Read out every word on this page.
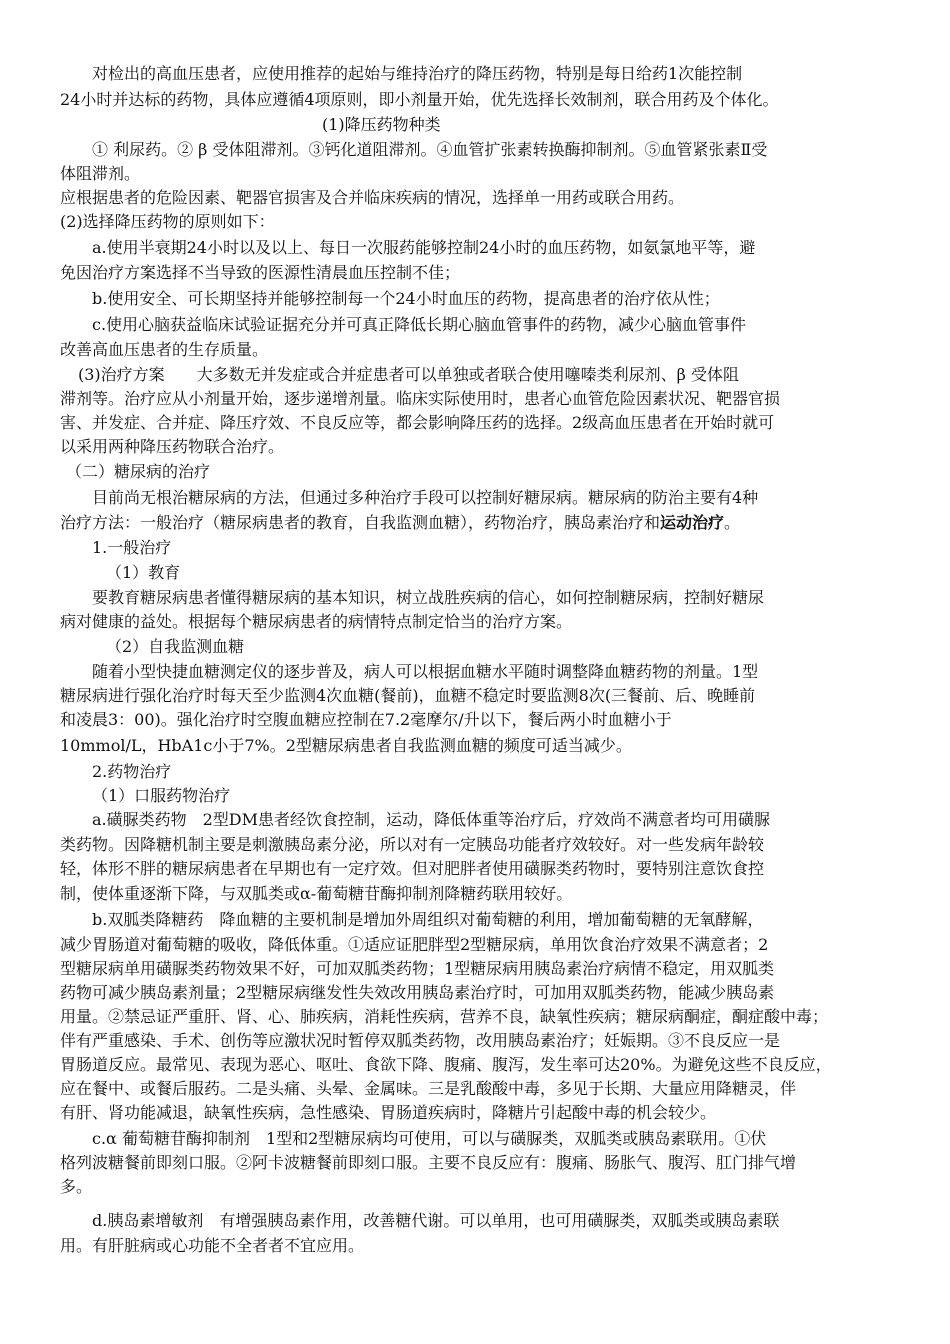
对检出的高血压患者，应使用推荐的起始与维持治疗的降压药物，特别是每日给药1次能控制
24小时并达标的药物，具体应遵循4项原则，即小剂量开始，优先选择长效制剂，联合用药及个体化。
(1)降压药物种类
① 利尿药。② β 受体阻滞剂。③钙化道阻滞剂。④血管扩张素转换酶抑制剂。⑤血管紧张素Ⅱ受
体阻滞剂。
应根据患者的危险因素、靶器官损害及合并临床疾病的情况，选择单一用药或联合用药。
(2)选择降压药物的原则如下：
a.使用半衰期24小时以及以上、每日一次服药能够控制24小时的血压药物，如氨氯地平等，避
免因治疗方案选择不当导致的医源性清晨血压控制不佳；
b.使用安全、可长期坚持并能够控制每一个24小时血压的药物，提高患者的治疗依从性；
c.使用心脑获益临床试验证据充分并可真正降低长期心脑血管事件的药物，减少心脑血管事件
改善高血压患者的生存质量。
(3)治疗方案　　大多数无并发症或合并症患者可以单独或者联合使用噻嗪类利尿剂、β 受体阻
滞剂等。治疗应从小剂量开始，逐步递增剂量。临床实际使用时，患者心血管危险因素状况、靶器官损
害、并发症、合并症、降压疗效、不良反应等，都会影响降压药的选择。2级高血压患者在开始时就可
以采用两种降压药物联合治疗。
（二）糖尿病的治疗
目前尚无根治糖尿病的方法，但通过多种治疗手段可以控制好糖尿病。糖尿病的防治主要有4种
治疗方法：一般治疗（糖尿病患者的教育，自我监测血糖），药物治疗，胰岛素治疗和运动治疗。
1.一般治疗
（1）教育
要教育糖尿病患者懂得糖尿病的基本知识，树立战胜疾病的信心，如何控制糖尿病，控制好糖尿
病对健康的益处。根据每个糖尿病患者的病情特点制定恰当的治疗方案。
（2）自我监测血糖
随着小型快捷血糖测定仪的逐步普及，病人可以根据血糖水平随时调整降血糖药物的剂量。1型
糖尿病进行强化治疗时每天至少监测4次血糖(餐前)，血糖不稳定时要监测8次(三餐前、后、晚睡前
和凌晨3：00)。强化治疗时空腹血糖应控制在7.2毫摩尔/升以下，餐后两小时血糖小于
10mmol/L，HbA1c小于7%。2型糖尿病患者自我监测血糖的频度可适当减少。
2.药物治疗
（1）口服药物治疗
a.磺脲类药物　2型DM患者经饮食控制，运动，降低体重等治疗后，疗效尚不满意者均可用磺脲
类药物。因降糖机制主要是刺激胰岛素分泌，所以对有一定胰岛功能者疗效较好。对一些发病年龄较
轻，体形不胖的糖尿病患者在早期也有一定疗效。但对肥胖者使用磺脲类药物时，要特别注意饮食控
制，使体重逐渐下降，与双胍类或α-葡萄糖苷酶抑制剂降糖药联用较好。
b.双胍类降糖药　降血糖的主要机制是增加外周组织对葡萄糖的利用，增加葡萄糖的无氧酵解，
减少胃肠道对葡萄糖的吸收，降低体重。①适应证肥胖型2型糖尿病，单用饮食治疗效果不满意者；2
型糖尿病单用磺脲类药物效果不好，可加双胍类药物；1型糖尿病用胰岛素治疗病情不稳定，用双胍类
药物可减少胰岛素剂量；2型糖尿病继发性失效改用胰岛素治疗时，可加用双胍类药物，能减少胰岛素
用量。②禁忌证严重肝、肾、心、肺疾病，消耗性疾病，营养不良，缺氧性疾病；糖尿病酮症，酮症酸中毒；
伴有严重感染、手术、创伤等应激状况时暂停双胍类药物，改用胰岛素治疗；妊娠期。③不良反应一是
胃肠道反应。最常见、表现为恶心、呕吐、食欲下降、腹痛、腹泻，发生率可达20%。为避免这些不良反应，
应在餐中、或餐后服药。二是头痛、头晕、金属味。三是乳酸酸中毒，多见于长期、大量应用降糖灵，伴
有肝、肾功能减退，缺氧性疾病，急性感染、胃肠道疾病时，降糖片引起酸中毒的机会较少。
c.α 葡萄糖苷酶抑制剂　1型和2型糖尿病均可使用，可以与磺脲类，双胍类或胰岛素联用。①伏
格列波糖餐前即刻口服。②阿卡波糖餐前即刻口服。主要不良反应有：腹痛、肠胀气、腹泻、肛门排气增
多。
d.胰岛素增敏剂　有增强胰岛素作用，改善糖代谢。可以单用，也可用磺脲类，双胍类或胰岛素联
用。有肝脏病或心功能不全者者不宜应用。
